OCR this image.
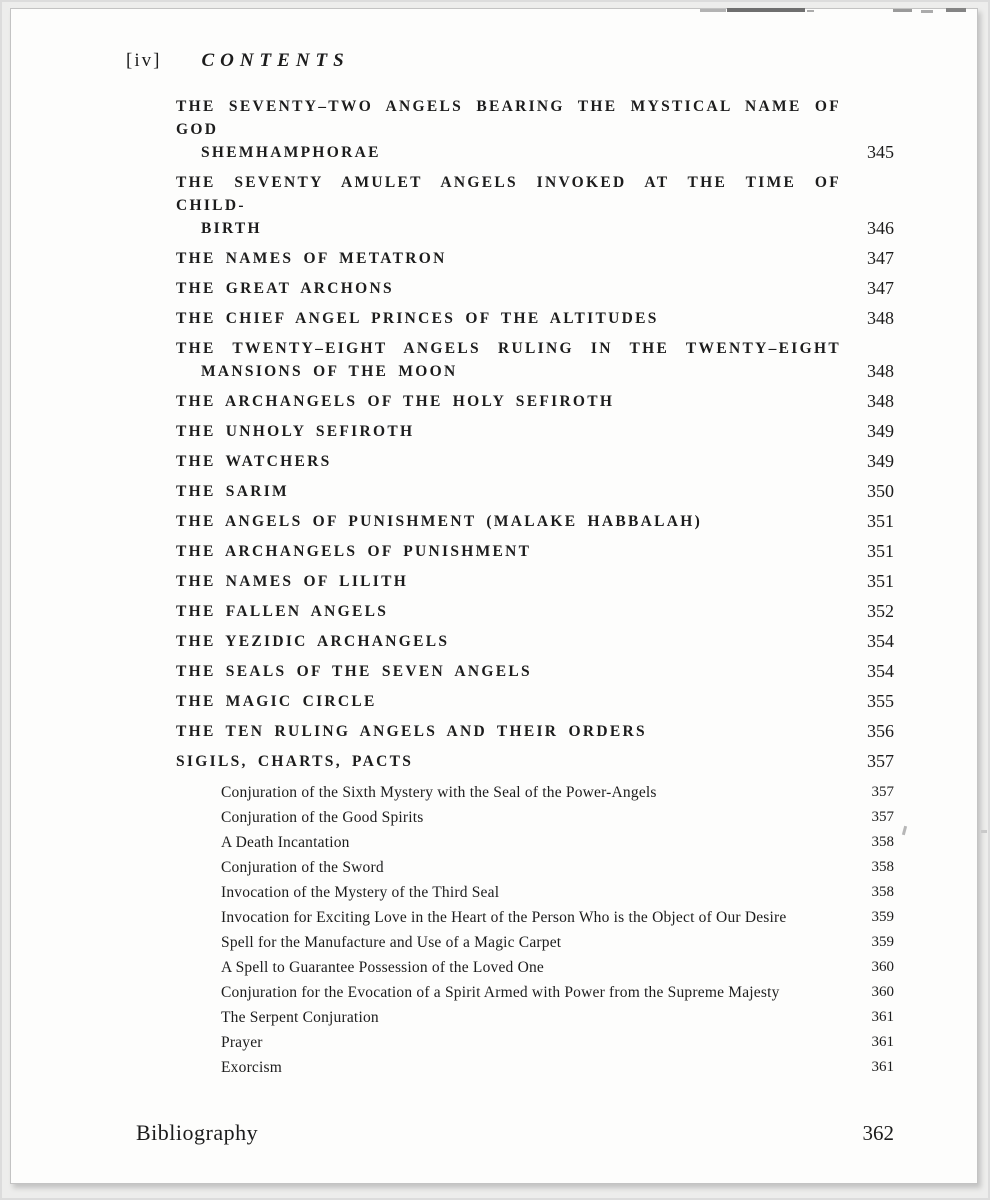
[iv] CONTENTS
THE SEVENTY–TWO ANGELS BEARING THE MYSTICAL NAME OF GOD
SHEMHAMPHORAE	345
THE SEVENTY AMULET ANGELS INVOKED AT THE TIME OF CHILD-
BIRTH	346
THE NAMES OF METATRON	347
THE GREAT ARCHONS	347
THE CHIEF ANGEL PRINCES OF THE ALTITUDES	348
THE TWENTY–EIGHT ANGELS RULING IN THE TWENTY–EIGHT
MANSIONS OF THE MOON	348
THE ARCHANGELS OF THE HOLY SEFIROTH	348
THE UNHOLY SEFIROTH	349
THE WATCHERS	349
THE SARIM	350
THE ANGELS OF PUNISHMENT (MALAKE HABBALAH)	351
THE ARCHANGELS OF PUNISHMENT	351
THE NAMES OF LILITH	351
THE FALLEN ANGELS	352
THE YEZIDIC ARCHANGELS	354
THE SEALS OF THE SEVEN ANGELS	354
THE MAGIC CIRCLE	355
THE TEN RULING ANGELS AND THEIR ORDERS	356
SIGILS, CHARTS, PACTS	357
Conjuration of the Sixth Mystery with the Seal of the Power-Angels	357
Conjuration of the Good Spirits	357
A Death Incantation	358
Conjuration of the Sword	358
Invocation of the Mystery of the Third Seal	358
Invocation for Exciting Love in the Heart of the Person Who is the Object of Our Desire	359
Spell for the Manufacture and Use of a Magic Carpet	359
A Spell to Guarantee Possession of the Loved One	360
Conjuration for the Evocation of a Spirit Armed with Power from the Supreme Majesty	360
The Serpent Conjuration	361
Prayer	361
Exorcism	361
Bibliography	362
